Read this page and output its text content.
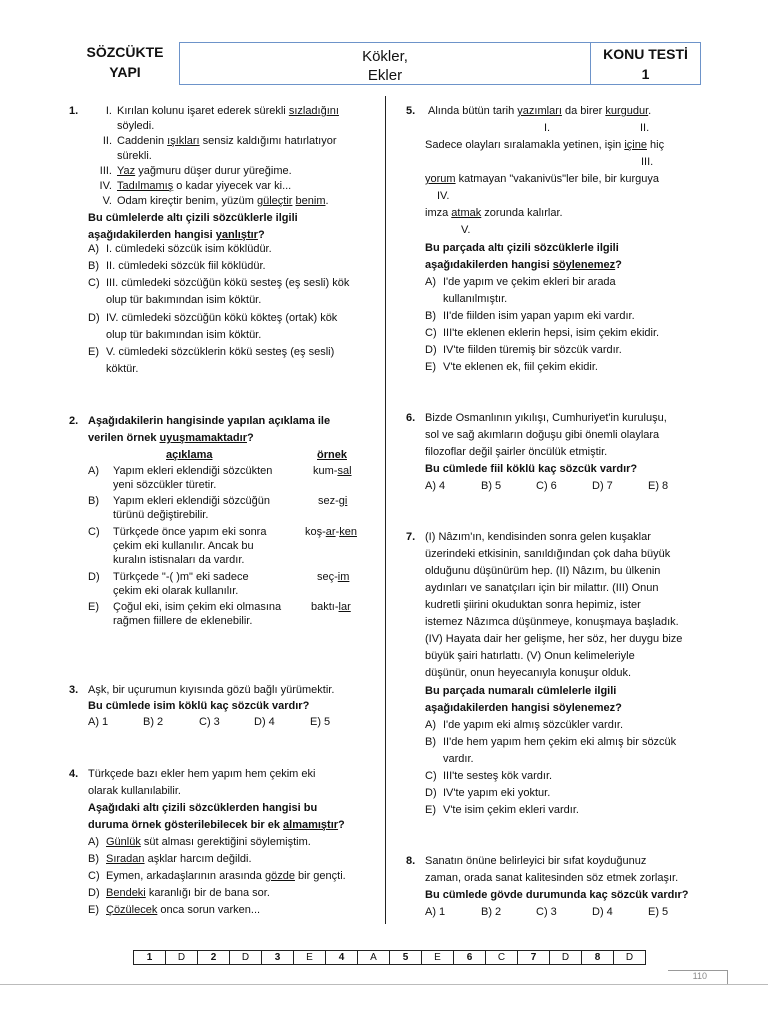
SÖZCÜKTE
YAPI
Kökler,
Ekler
KONU TESTİ
1
1.	I. Kırılan kolunu işaret ederek sürekli sızladığını
söyledi.
II. Caddenin ışıkları sensiz kaldığımı hatırlatıyor
sürekli.
III. Yaz yağmuru düşer durur yüreğime.
IV. Tadılmamış o kadar yiyecek var ki...
V. Odam kireçtir benim, yüzüm güleçtir benim.
Bu cümlelerde altı çizili sözcüklerle ilgili
aşağıdakilerden hangisi yanlıştır?
A) I. cümledeki sözcük isim köklüdür.
B) II. cümledeki sözcük fiil köklüdür.
C) III. cümledeki sözcüğün kökü sesteş (eş sesli) kök
olup tür bakımından isim köktür.
D) IV. cümledeki sözcüğün kökü kökteş (ortak) kök
olup tür bakımından isim köktür.
E) V. cümledeki sözcüklerin kökü sesteş (eş sesli)
köktür.
2. Aşağıdakilerin hangisinde yapılan açıklama ile
verilen örnek uyuşmamaktadır?
açıklama	örnek
A) Yapım ekleri eklendiği sözcükten
yeni sözcükler türetir.
kum-sal
B) Yapım ekleri eklendiği sözcüğün
türünü değiştirebilir.
sez-gi
C) Türkçede önce yapım eki sonra
çekim eki kullanılır. Ancak bu
kuralın istisnaları da vardır.
koş-ar-ken
D) Türkçede "-( )m" eki sadece
çekim eki olarak kullanılır.
seç-im
E) Çoğul eki, isim çekim eki olmasına
rağmen fiillere de eklenebilir.
baktı-lar
3. Aşk, bir uçurumun kıyısında gözü bağlı yürümektir.
Bu cümlede isim köklü kaç sözcük vardır?
A) 1	B) 2	C) 3	D) 4	E) 5
4. Türkçede bazı ekler hem yapım hem çekim eki
olarak kullanılabilir.
Aşağıdaki altı çizili sözcüklerden hangisi bu
duruma örnek gösterilebilecek bir ek almamıştır?
A) Günlük süt alması gerektiğini söylemiştim.
B) Sıradan aşklar harcım değildi.
C) Eymen, arkadaşlarının arasında gözde bir gençti.
D) Bendeki karanlığı bir de bana sor.
E) Çözülecek onca sorun varken...
5. Alında bütün tarih yazımları da birer kurgudur.
I.	II.
Sadece olayları sıralamakla yetinen, işin içine hiç
III.
yorum katmayan "vakanivüs"ler bile, bir kurguya
IV.
imza atmak zorunda kalırlar.
V.
Bu parçada altı çizili sözcüklerle ilgili
aşağıdakilerden hangisi söylenemez?
A) I'de yapım ve çekim ekleri bir arada
kullanılmıştır.
B) II'de fiilden isim yapan yapım eki vardır.
C) III'te eklenen eklerin hepsi, isim çekim ekidir.
D) IV'te fiilden türemiş bir sözcük vardır.
E) V'te eklenen ek, fiil çekim ekidir.
6. Bizde Osmanlının yıkılışı, Cumhuriyet'in kuruluşu,
sol ve sağ akımların doğuşu gibi önemli olaylara
filozoflar değil şairler öncülük etmiştir.
Bu cümlede fiil köklü kaç sözcük vardır?
A) 4	B) 5	C) 6	D) 7	E) 8
7. (I) Nâzım'ın, kendisinden sonra gelen kuşaklar
üzerindeki etkisinin, sanıldığından çok daha büyük
olduğunu düşünürüm hep. (II) Nâzım, bu ülkenin
aydınları ve sanatçıları için bir milattır. (III) Onun
kudretli şiirini okuduktan sonra hepimiz, ister
istemez Nâzımca düşünmeye, konuşmaya başladık.
(IV) Hayata dair her gelişme, her söz, her duygu bize
büyük şairi hatırlattı. (V) Onun kelimeleriyle
düşünür, onun heyecanıyla konuşur olduk.
Bu parçada numaralı cümlelerle ilgili
aşağıdakilerden hangisi söylenemez?
A) I'de yapım eki almış sözcükler vardır.
B) II'de hem yapım hem çekim eki almış bir sözcük
vardır.
C) III'te sesteş kök vardır.
D) IV'te yapım eki yoktur.
E) V'te isim çekim ekleri vardır.
8. Sanatın önüne belirleyici bir sıfat koyduğunuz
zaman, orada sanat kalitesinden söz etmek zorlaşır.
Bu cümlede gövde durumunda kaç sözcük vardır?
A) 1	B) 2	C) 3	D) 4	E) 5
1	D	2	D	3	E	4	A	5	E	6	C	7	D	8	D
110
